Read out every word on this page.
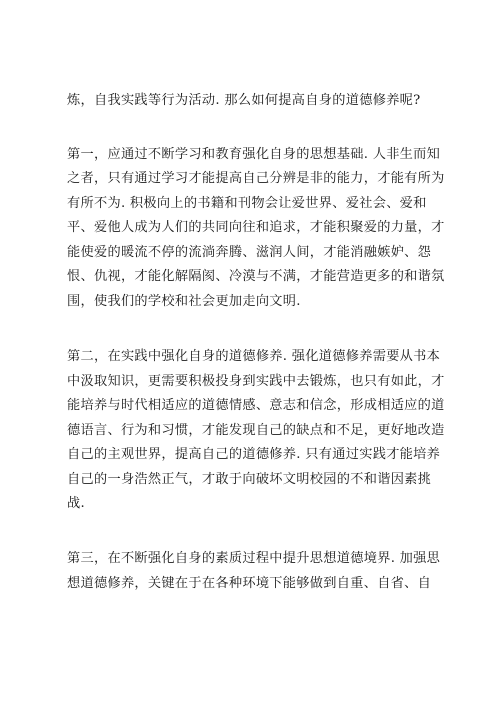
炼，自我实践等行为活动. 那么如何提高自身的道德修养呢?
第一，应通过不断学习和教育强化自身的思想基础. 人非生而知
之者，只有通过学习才能提高自己分辨是非的能力，才能有所为
有所不为. 积极向上的书籍和刊物会让爱世界、爱社会、爱和
平、爱他人成为人们的共同向往和追求，才能积聚爱的力量，才
能使爱的暖流不停的流淌奔腾、滋润人间，才能消融嫉妒、怨
恨、仇视，才能化解隔阂、冷漠与不满，才能营造更多的和谐氛
围，使我们的学校和社会更加走向文明.
第二，在实践中强化自身的道德修养. 强化道德修养需要从书本
中汲取知识，更需要积极投身到实践中去锻炼，也只有如此，才
能培养与时代相适应的道德情感、意志和信念，形成相适应的道
德语言、行为和习惯，才能发现自己的缺点和不足，更好地改造
自己的主观世界，提高自己的道德修养. 只有通过实践才能培养
自己的一身浩然正气，才敢于向破坏文明校园的不和谐因素挑
战.
第三，在不断强化自身的素质过程中提升思想道德境界. 加强思
想道德修养，关键在于在各种环境下能够做到自重、自省、自
